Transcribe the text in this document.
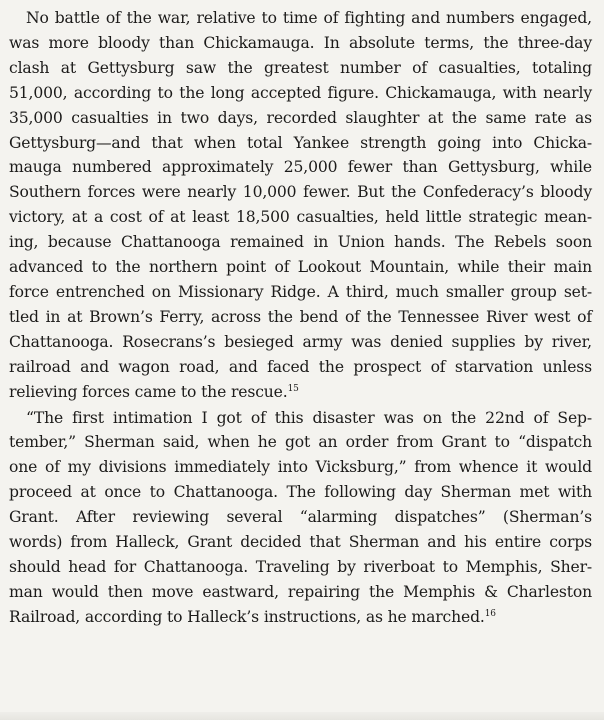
No battle of the war, relative to time of fighting and numbers engaged,
was more bloody than Chickamauga. In absolute terms, the three-day
clash at Gettysburg saw the greatest number of casualties, totaling
51,000, according to the long accepted figure. Chickamauga, with nearly
35,000 casualties in two days, recorded slaughter at the same rate as
Gettysburg—and that when total Yankee strength going into Chicka-
mauga numbered approximately 25,000 fewer than Gettysburg, while
Southern forces were nearly 10,000 fewer. But the Confederacy’s bloody
victory, at a cost of at least 18,500 casualties, held little strategic mean-
ing, because Chattanooga remained in Union hands. The Rebels soon
advanced to the northern point of Lookout Mountain, while their main
force entrenched on Missionary Ridge. A third, much smaller group set-
tled in at Brown’s Ferry, across the bend of the Tennessee River west of
Chattanooga. Rosecrans’s besieged army was denied supplies by river,
railroad and wagon road, and faced the prospect of starvation unless
relieving forces came to the rescue.$^{15}$

“The first intimation I got of this disaster was on the 22nd of Sep-
tember,” Sherman said, when he got an order from Grant to “dispatch
one of my divisions immediately into Vicksburg,” from whence it would
proceed at once to Chattanooga. The following day Sherman met with
Grant. After reviewing several “alarming dispatches” (Sherman’s
words) from Halleck, Grant decided that Sherman and his entire corps
should head for Chattanooga. Traveling by riverboat to Memphis, Sher-
man would then move eastward, repairing the Memphis & Charleston
Railroad, according to Halleck’s instructions, as he marched.$^{16}$
